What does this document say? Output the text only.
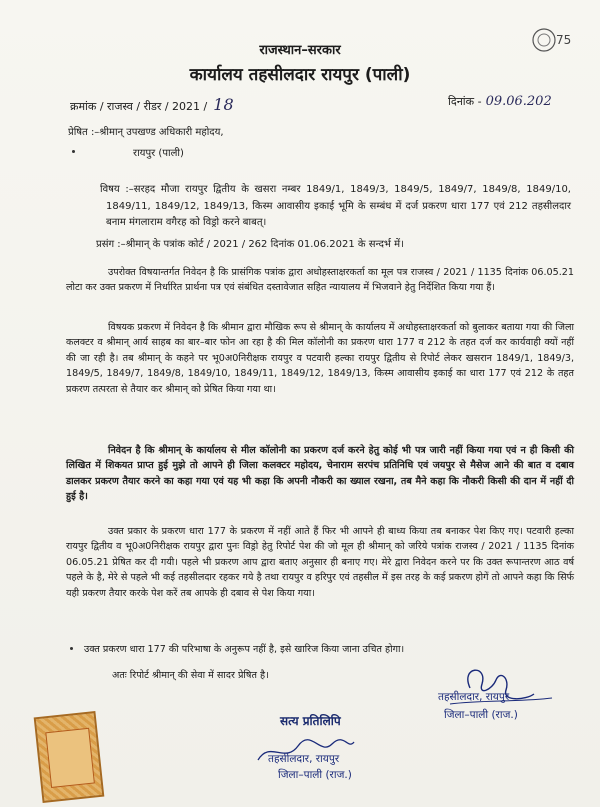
75
राजस्थान–सरकार
कार्यालय तहसीलदार रायपुर (पाली)
क्रमांक / राजस्व / रीडर / 2021 / 18	दिनांक - 09.06.202
प्रेषित :–श्रीमान् उपखण्ड अधिकारी महोदय,
रायपुर (पाली)
विषय :–सरहद मौजा रायपुर द्वितीय के खसरा नम्बर 1849/1, 1849/3, 1849/5, 1849/7, 1849/8, 1849/10, 1849/11, 1849/12, 1849/13, किस्म आवासीय इकाई भूमि के सम्बंध में दर्ज प्रकरण धारा 177 एवं 212 तहसीलदार बनाम मंगलाराम वगैरह को विड्रो करने बाबत्।
प्रसंग :–श्रीमान् के पत्रांक कोर्ट / 2021 / 262 दिनांक 01.06.2021 के सन्दर्भ में।
उपरोक्त विषयान्तर्गत निवेदन है कि प्रासंगिक पत्रांक द्वारा अधोहस्ताक्षरकर्ता का मूल पत्र राजस्व / 2021 / 1135 दिनांक 06.05.21 लोटा कर उक्त प्रकरण में निर्धारित प्रार्थना पत्र एवं संबंधित दस्तावेजात सहित न्यायालय में भिजवाने हेतु निर्देशित किया गया हैं।
विषयक प्रकरण में निवेदन है कि श्रीमान द्वारा मौखिक रूप से श्रीमान् के कार्यालय में अधोहस्ताक्षरकर्ता को बुलाकर बताया गया की जिला कलक्टर व श्रीमान् आर्य साहब का बार–बार फोन आ रहा है की मिल कॉलोनी का प्रकरण धारा 177 व 212 के तहत दर्ज कर कार्यवाही क्यों नहीं की जा रही है। तब श्रीमान् के कहने पर भू0अ0निरीक्षक रायपुर व पटवारी हल्का रायपुर द्वितीय से रिपोर्ट लेकर खसरान 1849/1, 1849/3, 1849/5, 1849/7, 1849/8, 1849/10, 1849/11, 1849/12, 1849/13, किस्म आवासीय इकाई का धारा 177 एवं 212 के तहत प्रकरण तत्परता से तैयार कर श्रीमान् को प्रेषित किया गया था।
निवेदन है कि श्रीमान् के कार्यालय से मील कॉलोनी का प्रकरण दर्ज करने हेतु कोई भी पत्र जारी नहीं किया गया एवं न ही किसी की लिखित में शिकयत प्राप्त हुई मुझे तो आपने ही जिला कलक्टर महोदय, चेनाराम सरपंच प्रतिनिधि एवं जयपुर से मैसेज आने की बात व दबाव डालकर प्रकरण तैयार करने का कहा गया एवं यह भी कहा कि अपनी नौकरी का ख्याल रखना, तब मैने कहा कि नौकरी किसी की दान में नहीं दी हुई है।
उक्त प्रकार के प्रकरण धारा 177 के प्रकरण में नहीं आते हैं फिर भी आपने ही बाध्य किया तब बनाकर पेश किए गए। पटवारी हल्का रायपुर द्वितीय व भू0अ0निरीक्षक रायपुर द्वारा पुनः विड्रो हेतु रिपोर्ट पेश की जो मूल ही श्रीमान् को जरिये पत्रांक राजस्व / 2021 / 1135 दिनांक 06.05.21 प्रेषित कर दी गयी। पहले भी प्रकरण आप द्वारा बताए अनुसार ही बनाए गए। मेरे द्वारा निवेदन करने पर कि उक्त रूपान्तरण आठ वर्ष पहले के है, मेरे से पहले भी कई तहसीलदार रहकर गये है तथा रायपुर व हरिपुर एवं तहसील में इस तरह के कई प्रकरण होगें तो आपने कहा कि सिर्फ यही प्रकरण तैयार करके पेश करें तब आपके ही दबाव से पेश किया गया।
उक्त प्रकरण धारा 177 की परिभाषा के अनुरूप नहीं है, इसे खारिज किया जाना उचित होगा।
अतः रिपोर्ट श्रीमान् की सेवा में सादर प्रेषित है।
सत्य प्रतिलिपि
तहसीलदार, रायपुर
जिला–पाली (राज.)
तहसीलदार, रायपुर
जिला–पाली (राज.)
